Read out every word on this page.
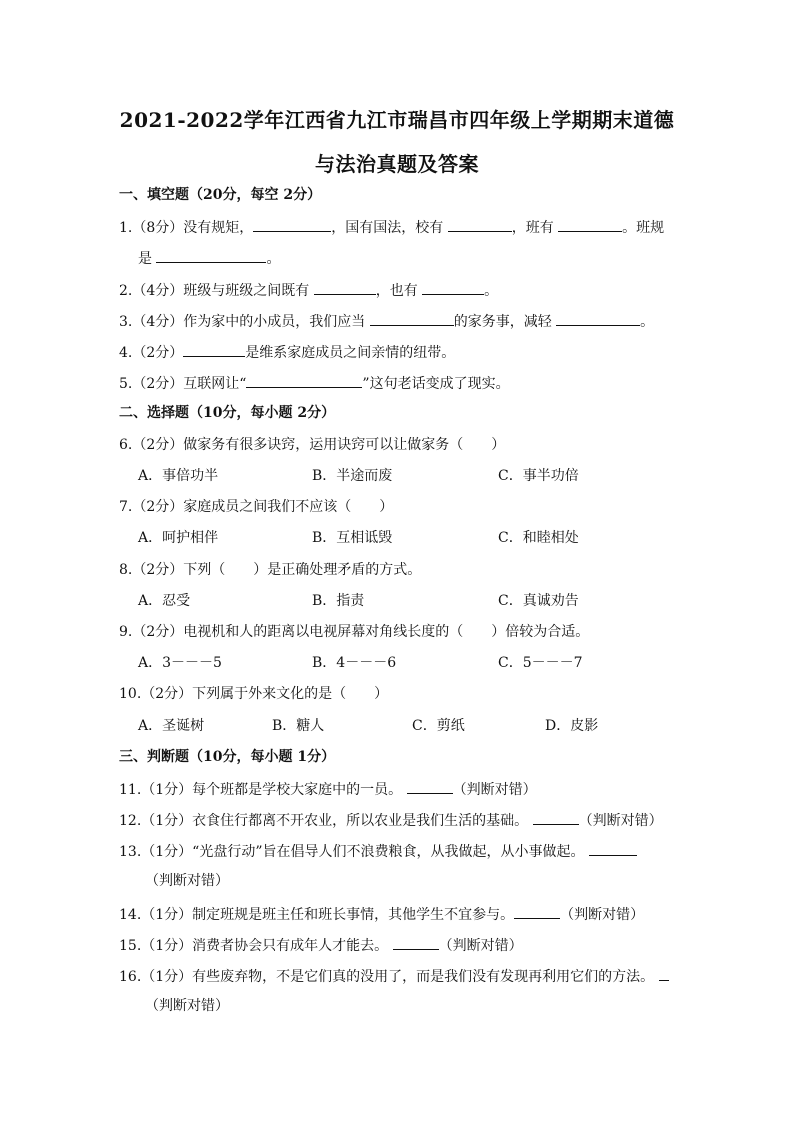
2021-2022学年江西省九江市瑞昌市四年级上学期期末道德
与法治真题及答案
一、填空题（20分，每空 2分）
1.（8分）没有规矩，	，国有国法，校有	，班有	。班规
是	。
2.（4分）班级与班级之间既有	，也有	。
3.（4分）作为家中的小成员，我们应当	的家务事，减轻	。
4.（2分）	是维系家庭成员之间亲情的纽带。
5.（2分）互联网让“	”这句老话变成了现实。
二、选择题（10分，每小题 2分）
6.（2分）做家务有很多诀窍，运用诀窍可以让做家务（　　）
A．事倍功半	B．半途而废	C．事半功倍
7.（2分）家庭成员之间我们不应该（　　）
A．呵护相伴	B．互相诋毁	C．和睦相处
8.（2分）下列（　　）是正确处理矛盾的方式。
A．忍受	B．指责	C．真诚劝告
9.（2分）电视机和人的距离以电视屏幕对角线长度的（　　）倍较为合适。
A．3－－－5	B．4－－－6	C．5－－－7
10.（2分）下列属于外来文化的是（　　）
A．圣诞树	B．糖人	C．剪纸	D．皮影
三、判断题（10分，每小题 1分）
11.（1分）每个班都是学校大家庭中的一员。	（判断对错）
12.（1分）衣食住行都离不开农业，所以农业是我们生活的基础。	（判断对错）
13.（1分）“光盘行动”旨在倡导人们不浪费粮食，从我做起，从小事做起。
（判断对错）
14.（1分）制定班规是班主任和班长事情，其他学生不宜参与。	（判断对错）
15.（1分）消费者协会只有成年人才能去。	（判断对错）
16.（1分）有些废弃物，不是它们真的没用了，而是我们没有发现再利用它们的方法。
（判断对错）
